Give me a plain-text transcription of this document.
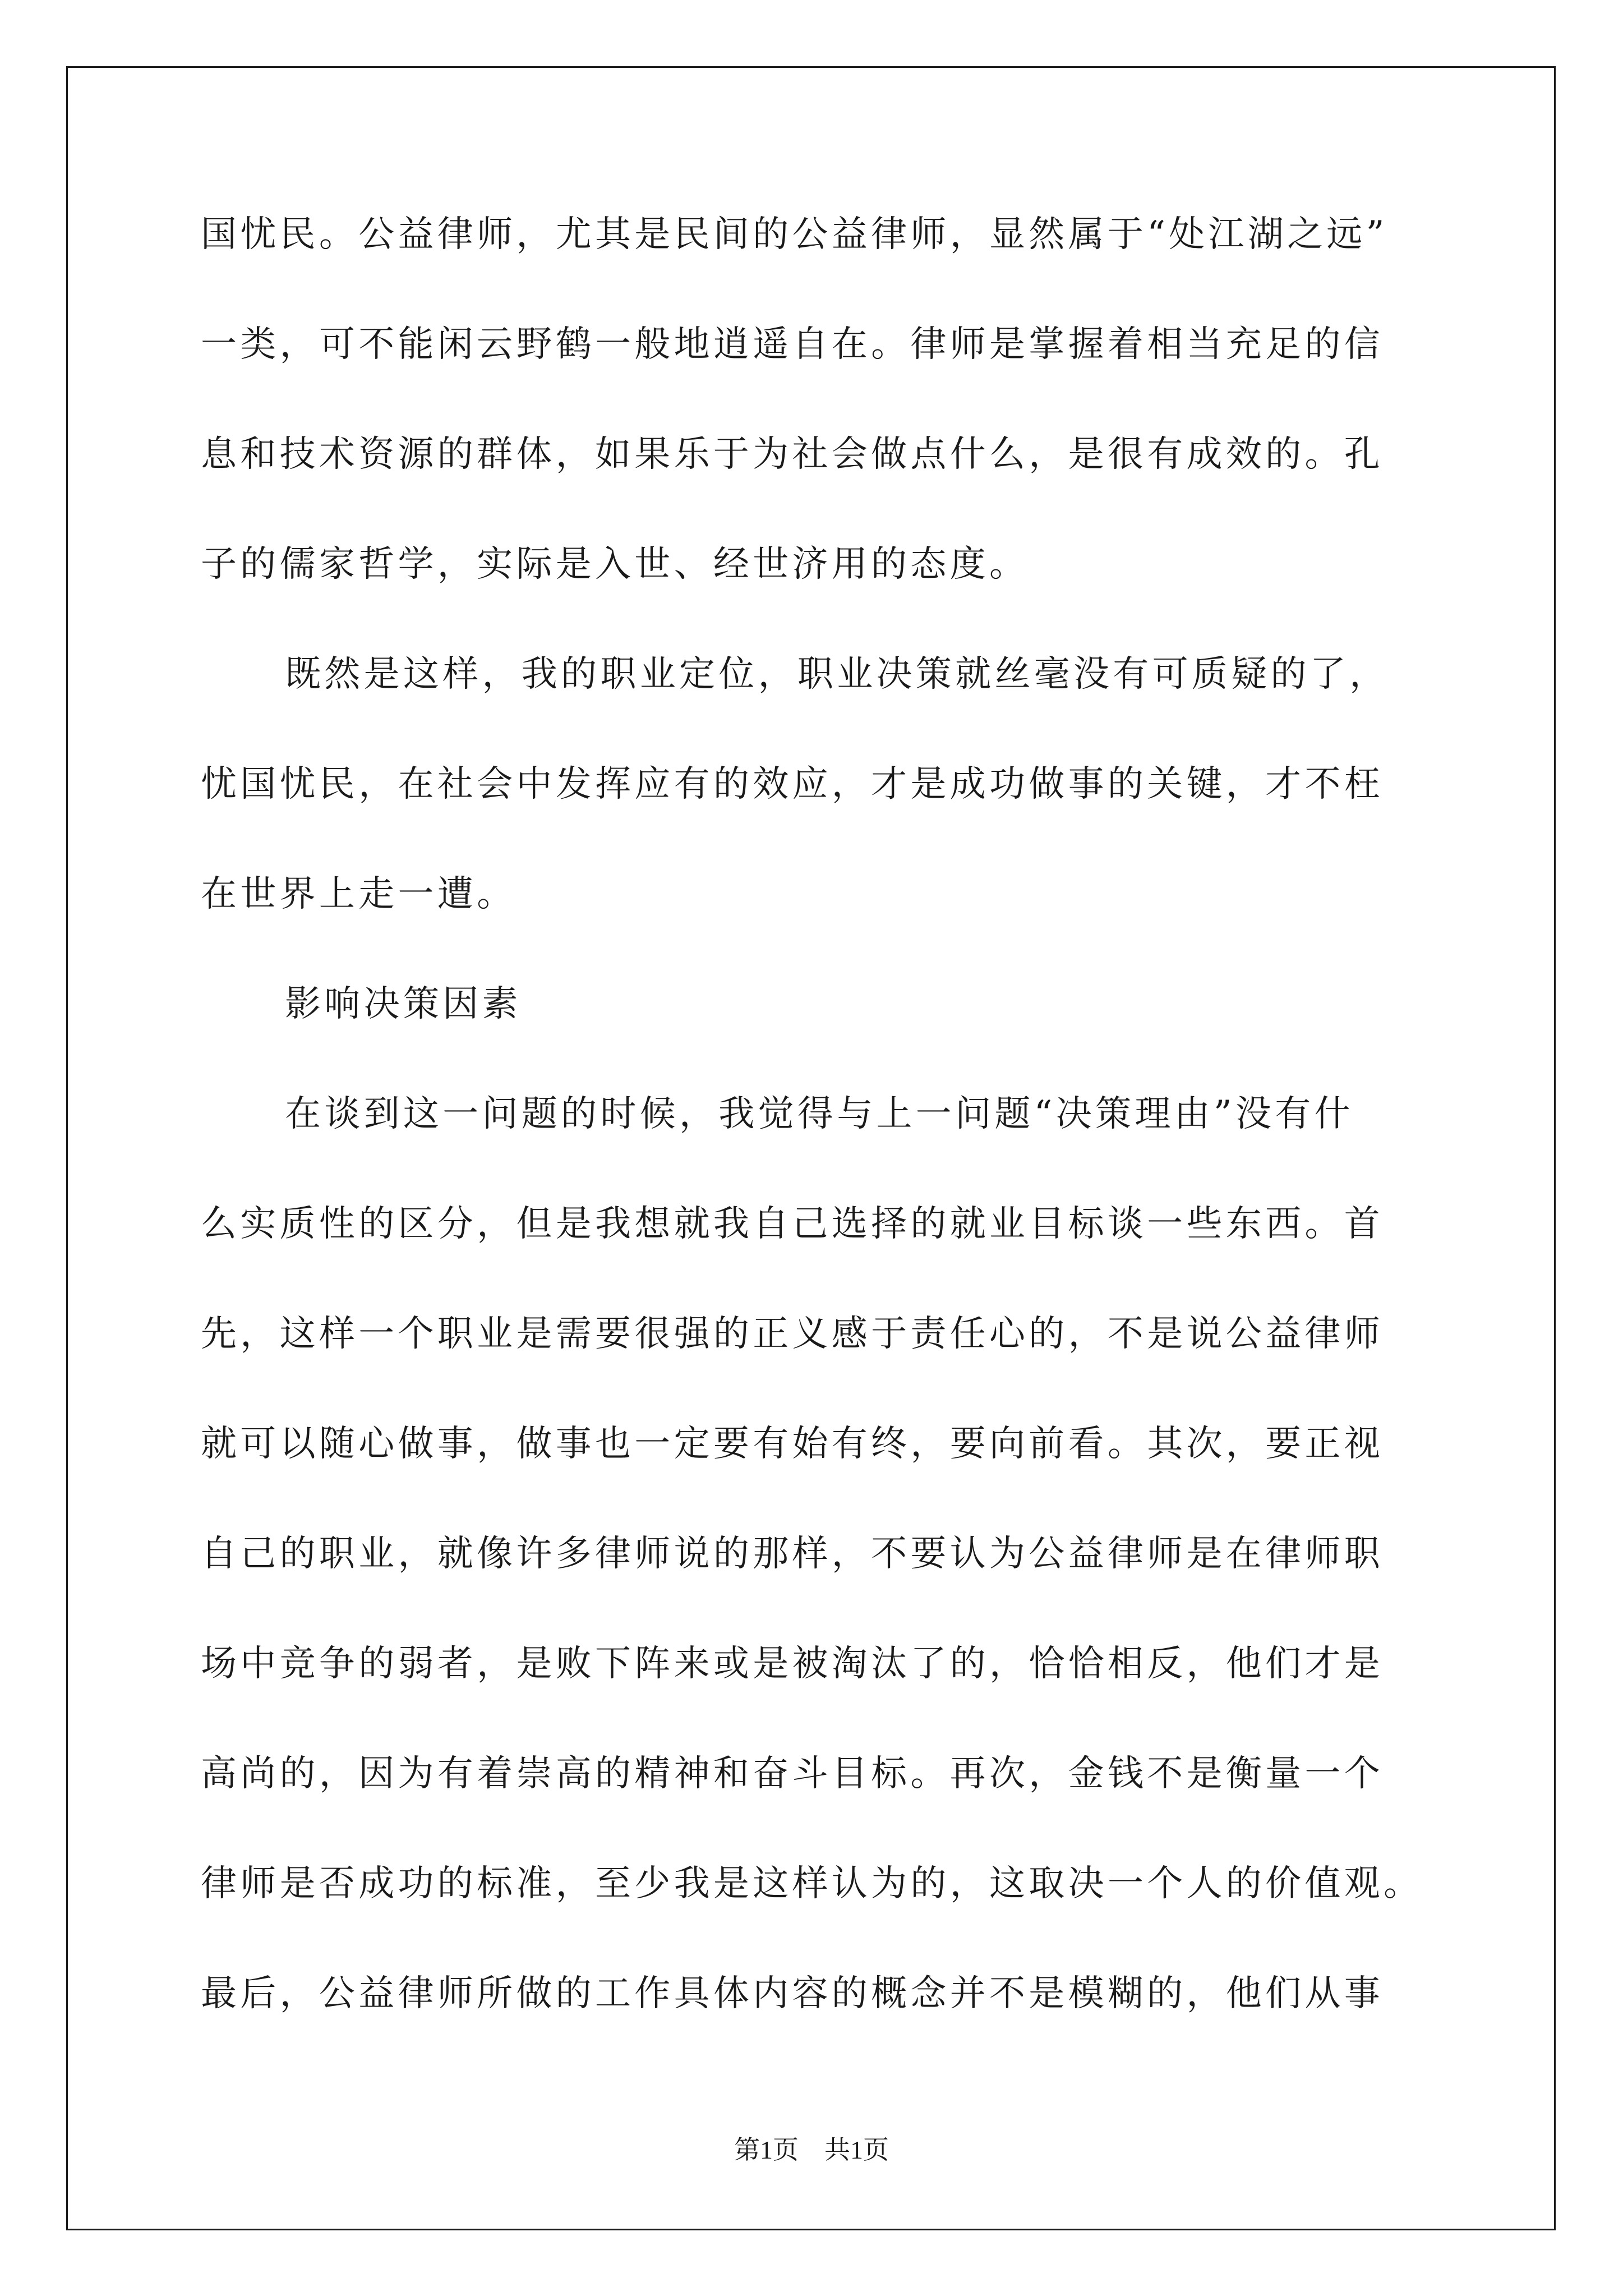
国忧民。公益律师，尤其是民间的公益律师，显然属于“处江湖之远”
一类，可不能闲云野鹤一般地逍遥自在。律师是掌握着相当充足的信
息和技术资源的群体，如果乐于为社会做点什么，是很有成效的。孔
子的儒家哲学，实际是入世、经世济用的态度。
既然是这样，我的职业定位，职业决策就丝毫没有可质疑的了，
忧国忧民，在社会中发挥应有的效应，才是成功做事的关键，才不枉
在世界上走一遭。
影响决策因素
在谈到这一问题的时候，我觉得与上一问题“决策理由”没有什
么实质性的区分，但是我想就我自己选择的就业目标谈一些东西。首
先，这样一个职业是需要很强的正义感于责任心的，不是说公益律师
就可以随心做事，做事也一定要有始有终，要向前看。其次，要正视
自己的职业，就像许多律师说的那样，不要认为公益律师是在律师职
场中竞争的弱者，是败下阵来或是被淘汰了的，恰恰相反，他们才是
高尚的，因为有着崇高的精神和奋斗目标。再次，金钱不是衡量一个
律师是否成功的标准，至少我是这样认为的，这取决一个人的价值观。
最后，公益律师所做的工作具体内容的概念并不是模糊的，他们从事
第1页　共1页
